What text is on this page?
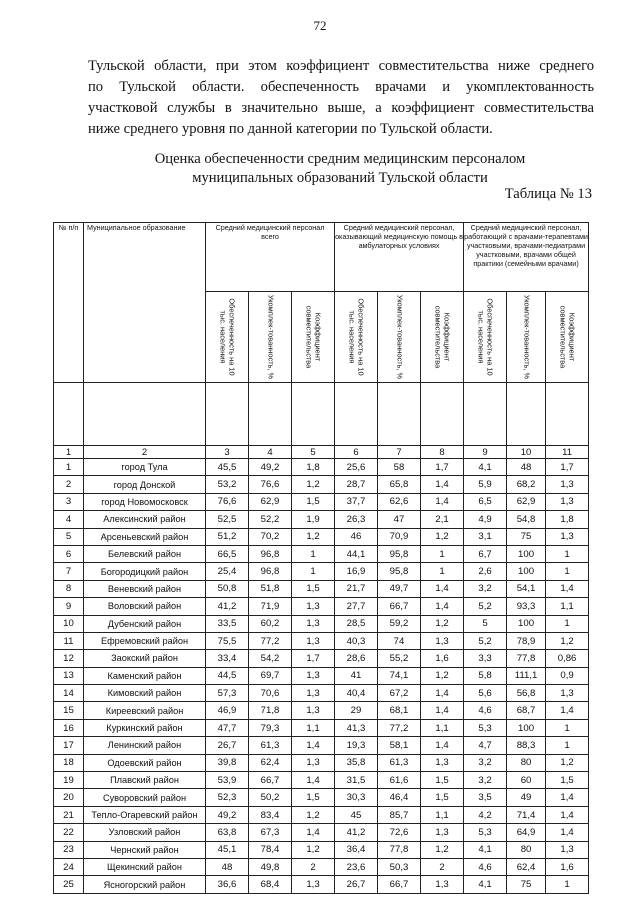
72
Тульской области, при этом коэффициент совместительства ниже среднего
по Тульской области. обеспеченность врачами и укомплектованность
участковой службы в значительно выше, а коэффициент совместительства
ниже среднего уровня по данной категории по Тульской области.
Оценка обеспеченности средним медицинским персоналом
муниципальных образований Тульской области
Таблица № 13
№ п/п	Муниципальное образование	Средний медицинский персонал всего			Средний медицинский персонал, оказывающий медицинскую помощь в амбулаторных условиях			Средний медицинский персонал, работающий с врачами-терапевтами участковыми, врачами-педиатрами участковыми, врачами общей практики (семейными врачами)		

		Обеспеченность на 10 тыс. населения	Укомплек-тованность, %	Коэффициент совместительства	Обеспеченность на 10 тыс. населения	Укомплек-тованность, %	Коэффициент совместительства	Обеспеченность на 10 тыс. населения	Укомплек-тованность, %	Коэффициент совместительства

1	2	3	4	5	6	7	8	9	10	11
1	город Тула	45,5	49,2	1,8	25,6	58	1,7	4,1	48	1,7
2	город Донской	53,2	76,6	1,2	28,7	65,8	1,4	5,9	68,2	1,3
3	город Новомосковск	76,6	62,9	1,5	37,7	62,6	1,4	6,5	62,9	1,3
4	Алексинский район	52,5	52,2	1,9	26,3	47	2,1	4,9	54,8	1,8
5	Арсеньевский район	51,2	70,2	1,2	46	70,9	1,2	3,1	75	1,3
6	Белевский район	66,5	96,8	1	44,1	95,8	1	6,7	100	1
7	Богородицкий район	25,4	96,8	1	16,9	95,8	1	2,6	100	1
8	Веневский район	50,8	51,8	1,5	21,7	49,7	1,4	3,2	54,1	1,4
9	Воловский район	41,2	71,9	1,3	27,7	66,7	1,4	5,2	93,3	1,1
10	Дубенский район	33,5	60,2	1,3	28,5	59,2	1,2	5	100	1
11	Ефремовский район	75,5	77,2	1,3	40,3	74	1,3	5,2	78,9	1,2
12	Заокский район	33,4	54,2	1,7	28,6	55,2	1,6	3,3	77,8	0,86
13	Каменский район	44,5	69,7	1,3	41	74,1	1,2	5,8	111,1	0,9
14	Кимовский район	57,3	70,6	1,3	40,4	67,2	1,4	5,6	56,8	1,3
15	Киреевский район	46,9	71,8	1,3	29	68,1	1,4	4,6	68,7	1,4
16	Куркинский район	47,7	79,3	1,1	41,3	77,2	1,1	5,3	100	1
17	Ленинский район	26,7	61,3	1,4	19,3	58,1	1,4	4,7	88,3	1
18	Одоевский район	39,8	62,4	1,3	35,8	61,3	1,3	3,2	80	1,2
19	Плавский район	53,9	66,7	1,4	31,5	61,6	1,5	3,2	60	1,5
20	Суворовский район	52,3	50,2	1,5	30,3	46,4	1,5	3,5	49	1,4
21	Тепло-Огаревский район	49,2	83,4	1,2	45	85,7	1,1	4,2	71,4	1,4
22	Узловский район	63,8	67,3	1,4	41,2	72,6	1,3	5,3	64,9	1,4
23	Чернский район	45,1	78,4	1,2	36,4	77,8	1,2	4,1	80	1,3
24	Щекинский район	48	49,8	2	23,6	50,3	2	4,6	62,4	1,6
25	Ясногорский район	36,6	68,4	1,3	26,7	66,7	1,3	4,1	75	1
